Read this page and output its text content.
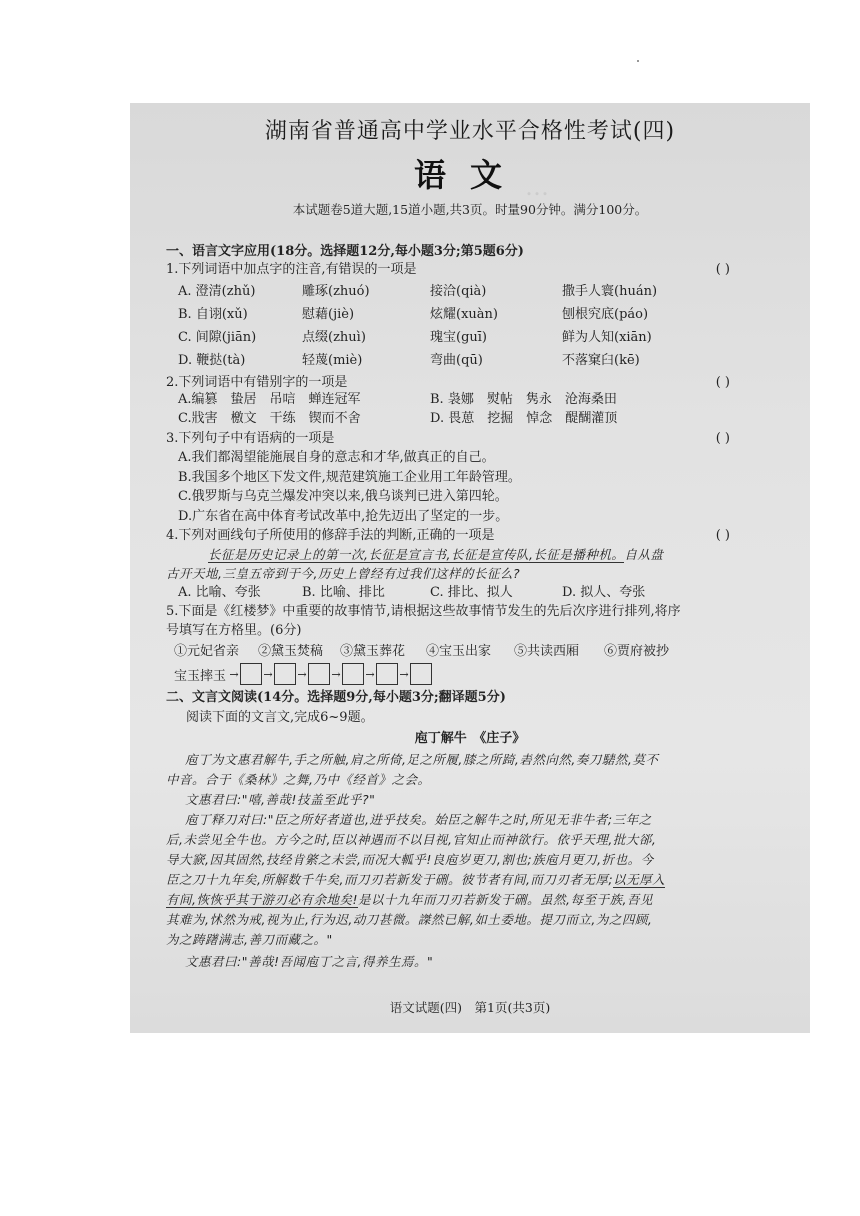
…
湖南省普通高中学业水平合格性考试(四)
语文
本试题卷5道大题,15道小题,共3页。时量90分钟。满分100分。
一、语言文字应用(18分。选择题12分,每小题3分;第5题6分)
1.下列词语中加点字的注音,有错误的一项是	( )
A. 澄清(zhǔ)	雕琢(zhuó)	接洽(qià)	撒手人寰(huán)
B. 自诩(xǔ)	慰藉(jiè)	炫耀(xuàn)	刨根究底(páo)
C. 间隙(jiān)	点缀(zhuì)	瑰宝(guī)	鲜为人知(xiān)
D. 鞭挞(tà)	轻蔑(miè)	弯曲(qū)	不落窠臼(kē)
2.下列词语中有错别字的一项是	( )
A.编篡　蛰居　吊唁　蝉连冠军	B. 袅娜　熨帖　隽永　沧海桑田
C.戕害　檄文　干练　锲而不舍	D. 畏葸　挖掘　悼念　醍醐灌顶
3.下列句子中有语病的一项是	( )
A.我们都渴望能施展自身的意志和才华,做真正的自己。
B.我国多个地区下发文件,规范建筑施工企业用工年龄管理。
C.俄罗斯与乌克兰爆发冲突以来,俄乌谈判已进入第四轮。
D.广东省在高中体育考试改革中,抢先迈出了坚定的一步。
4.下列对画线句子所使用的修辞手法的判断,正确的一项是	( )
长征是历史记录上的第一次,长征是宣言书,长征是宣传队,长征是播种机。自从盘
古开天地,三皇五帝到于今,历史上曾经有过我们这样的长征么?
A. 比喻、夸张	B. 比喻、排比	C. 排比、拟人	D. 拟人、夸张
5.下面是《红楼梦》中重要的故事情节,请根据这些故事情节发生的先后次序进行排列,将序
号填写在方格里。(6分)
①元妃省亲 ②黛玉焚稿 ③黛玉葬花 ④宝玉出家 ⑤共读西厢 ⑥贾府被抄
宝玉摔玉 → → → → → →
二、文言文阅读(14分。选择题9分,每小题3分;翻译题5分)
阅读下面的文言文,完成6~9题。
庖丁解牛　《庄子》
庖丁为文惠君解牛,手之所触,肩之所倚,足之所履,膝之所踦,砉然向然,奏刀騞然,莫不
中音。合于《桑林》之舞,乃中《经首》之会。
文惠君曰:"嘻,善哉!技盖至此乎?"
庖丁释刀对曰:"臣之所好者道也,进乎技矣。始臣之解牛之时,所见无非牛者;三年之
后,未尝见全牛也。方今之时,臣以神遇而不以目视,官知止而神欲行。依乎天理,批大郤,
导大窾,因其固然,技经肯綮之未尝,而况大軱乎!良庖岁更刀,割也;族庖月更刀,折也。今
臣之刀十九年矣,所解数千牛矣,而刀刃若新发于硎。彼节者有间,而刀刃者无厚;以无厚入
有间,恢恢乎其于游刃必有余地矣!是以十九年而刀刃若新发于硎。虽然,每至于族,吾见
其难为,怵然为戒,视为止,行为迟,动刀甚微。謋然已解,如土委地。提刀而立,为之四顾,
为之踌躇满志,善刀而藏之。"
文惠君曰:"善哉!吾闻庖丁之言,得养生焉。"
语文试题(四)　第1页(共3页)
